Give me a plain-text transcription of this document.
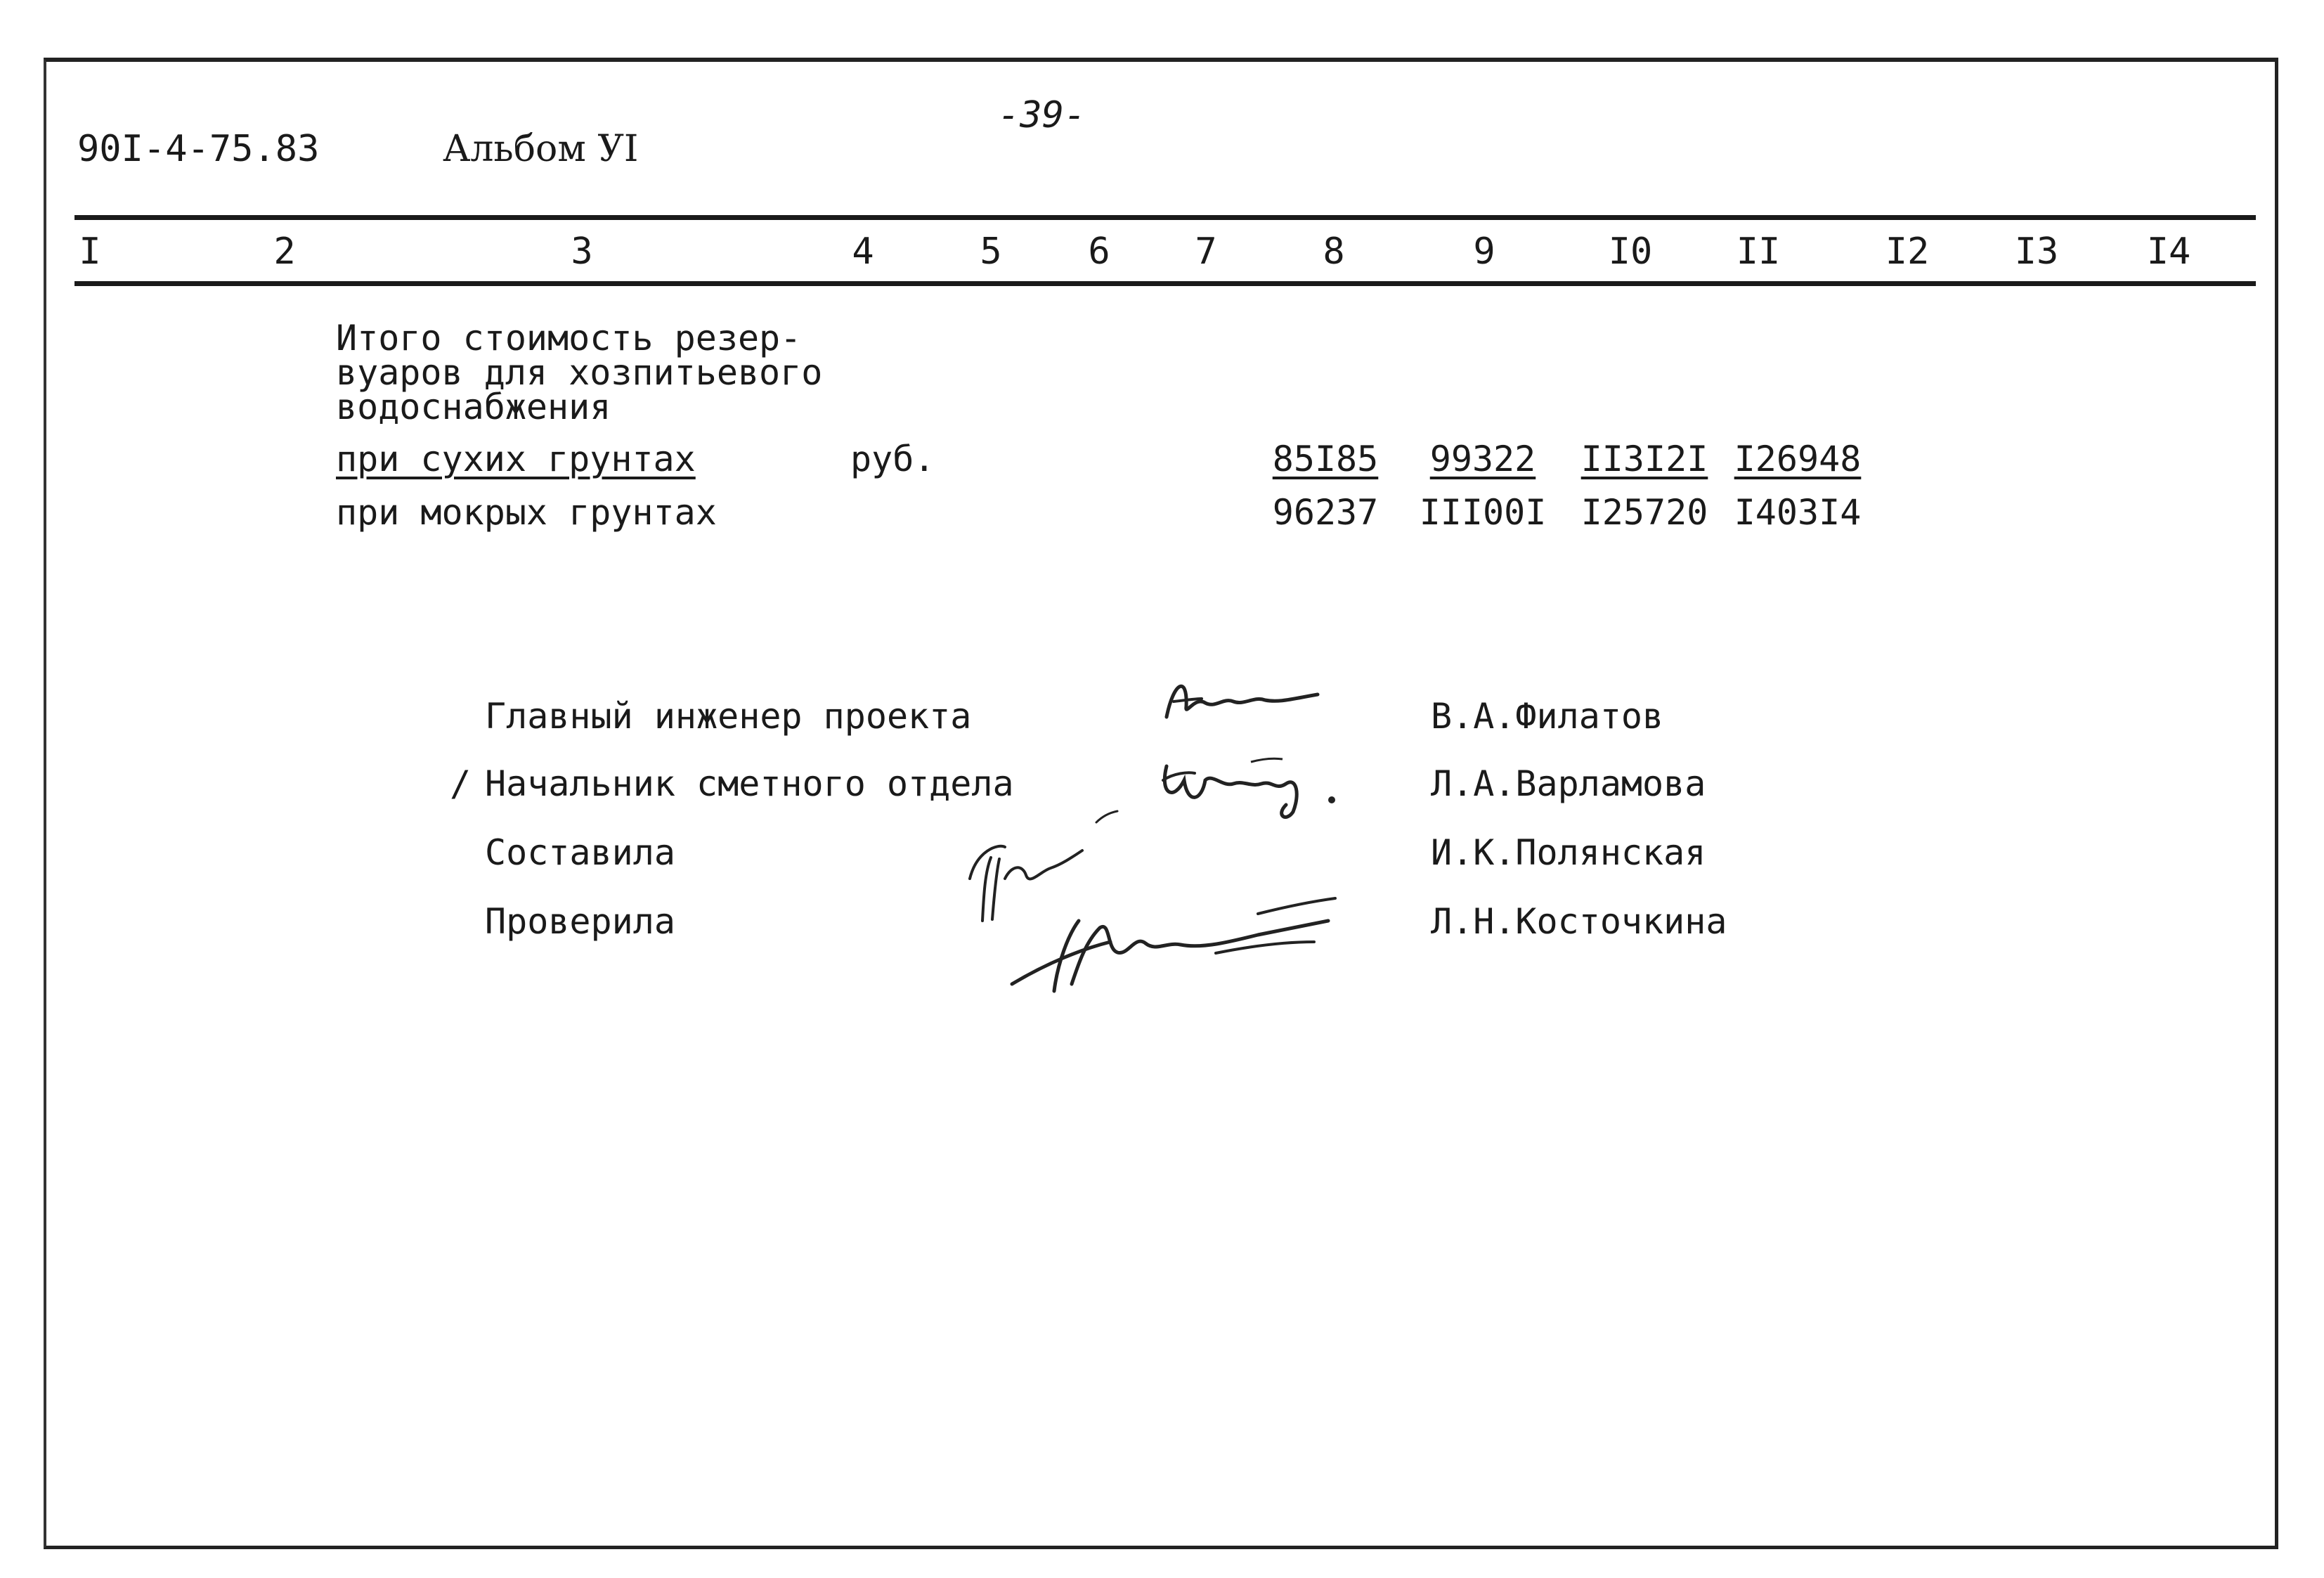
90I-4-75.83	Альбом УI
-39-
I	2	3	4	5 6 7	8	9	I0 II	I2 I3 I4
Итого стоимость резер-
вуаров для хозпитьевого
водоснабжения
при сухих грунтах	руб.	85I85 99322 II3I2I I26948
при мокрых грунтах	96237 III00I I25720 I403I4
Главный инженер проекта	В.А.Филатов
/ Начальник сметного отдела	Л.А.Варламова
Составила	И.К.Полянская
Проверила	Л.Н.Косточкина
